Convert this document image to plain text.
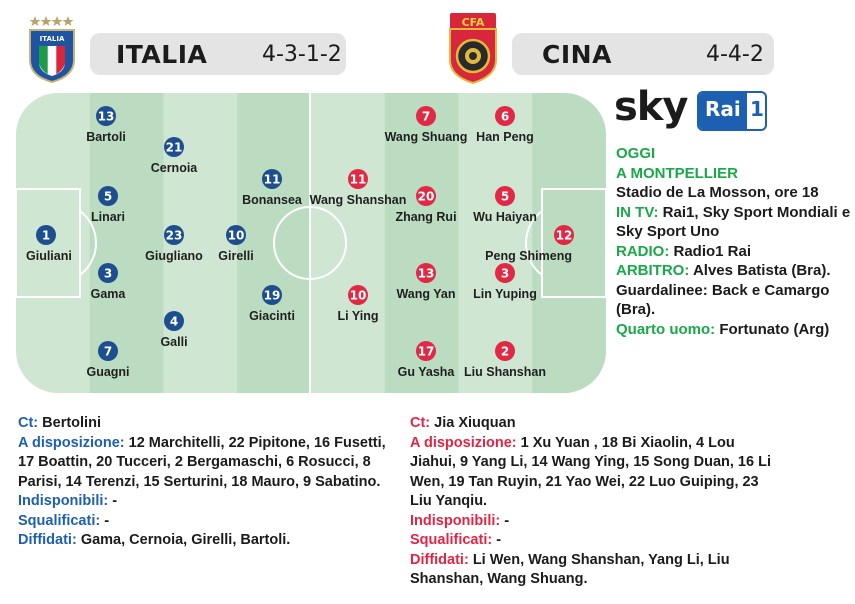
ITALIA
ITALIA 4-3-1-2
CFA
CINA	4-4-2
1
Giuliani
13
Bartoli
5
Linari
3
Gama
7
Guagni
21
Cernoia
23
Giugliano
4
Galli
10
Girelli
11
Bonansea
19
Giacinti
12
Peng Shimeng
6
Han Peng
5
Wu Haiyan
3
Lin Yuping
2
Liu Shanshan
7
Wang Shuang
20
Zhang Rui
13
Wang Yan
17
Gu Yasha
11
Wang Shanshan
10
Li Ying
sky Rai 1
OGGI
A MONTPELLIER
Stadio de La Mosson, ore 18
IN TV: Rai1, Sky Sport Mondiali e Sky Sport Uno
RADIO: Radio1 Rai
ARBITRO: Alves Batista (Bra). Guardalinee: Back e Camargo (Bra).
Quarto uomo: Fortunato (Arg)
Ct: Bertolini
A disposizione: 12 Marchitelli, 22 Pipitone, 16 Fusetti, 17 Boattin, 20 Tucceri, 2 Bergamaschi, 6 Rosucci, 8 Parisi, 14 Terenzi, 15 Serturini, 18 Mauro, 9 Sabatino.
Indisponibili: -
Squalificati: -
Diffidati: Gama, Cernoia, Girelli, Bartoli.
Ct: Jia Xiuquan
A disposizione: 1 Xu Yuan , 18 Bi Xiaolin, 4 Lou Jiahui, 9 Yang Li, 14 Wang Ying, 15 Song Duan, 16 Li Wen, 19 Tan Ruyin, 21 Yao Wei, 22 Luo Guiping, 23 Liu Yanqiu.
Indisponibili: -
Squalificati: -
Diffidati: Li Wen, Wang Shanshan, Yang Li, Liu Shanshan, Wang Shuang.
